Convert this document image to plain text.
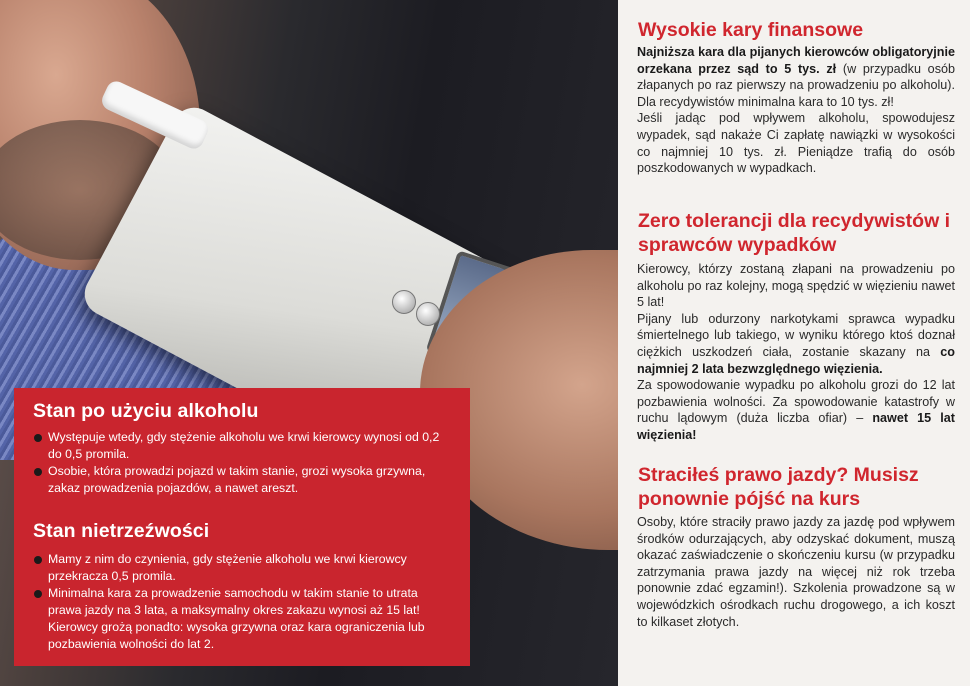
Stan po użyciu alkoholu
Występuje wtedy, gdy stężenie alkoholu we krwi kierowcy wynosi od 0,2 do 0,5 promila.
Osobie, która prowadzi pojazd w takim stanie, grozi wysoka grzywna, zakaz prowadzenia pojazdów, a nawet areszt.
Stan nietrzeźwości
Mamy z nim do czynienia, gdy stężenie alkoholu we krwi kierowcy przekracza 0,5 promila.
Minimalna kara za prowadzenie samochodu w takim stanie to utrata prawa jazdy na 3 lata, a maksymalny okres zakazu wynosi aż 15 lat! Kierowcy grożą ponadto: wysoka grzywna oraz kara ograniczenia lub pozbawienia wolności do lat 2.
Wysokie kary finansowe

Najniższa kara dla pijanych kierowców obligatoryjnie orzekana przez sąd to 5 tys. zł (w przypadku osób złapanych po raz pierwszy na prowadzeniu po alkoholu). Dla recydywistów minimalna kara to 10 tys. zł!

Jeśli jadąc pod wpływem alkoholu, spowodujesz wypadek, sąd nakaże Ci zapłatę nawiązki w wysokości co najmniej 10 tys. zł. Pieniądze trafią do osób poszkodowanych w wypadkach.

Zero tolerancji dla recydywistów i sprawców wypadków

Kierowcy, którzy zostaną złapani na prowadzeniu po alkoholu po raz kolejny, mogą spędzić w więzieniu nawet 5 lat!

Pijany lub odurzony narkotykami sprawca wypadku śmiertelnego lub takiego, w wyniku którego ktoś doznał ciężkich uszkodzeń ciała, zostanie skazany na co najmniej 2 lata bezwzględnego więzienia.

Za spowodowanie wypadku po alkoholu grozi do 12 lat pozbawienia wolności. Za spowodowanie katastrofy w ruchu lądowym (duża liczba ofiar) – nawet 15 lat więzienia!

Straciłeś prawo jazdy? Musisz ponownie pójść na kurs

Osoby, które straciły prawo jazdy za jazdę pod wpływem środków odurzających, aby odzyskać dokument, muszą okazać zaświadczenie o skończeniu kursu (w przypadku zatrzymania prawa jazdy na więcej niż rok trzeba ponownie zdać egzamin!). Szkolenia prowadzone są w wojewódzkich ośrodkach ruchu drogowego, a ich koszt to kilkaset złotych.
